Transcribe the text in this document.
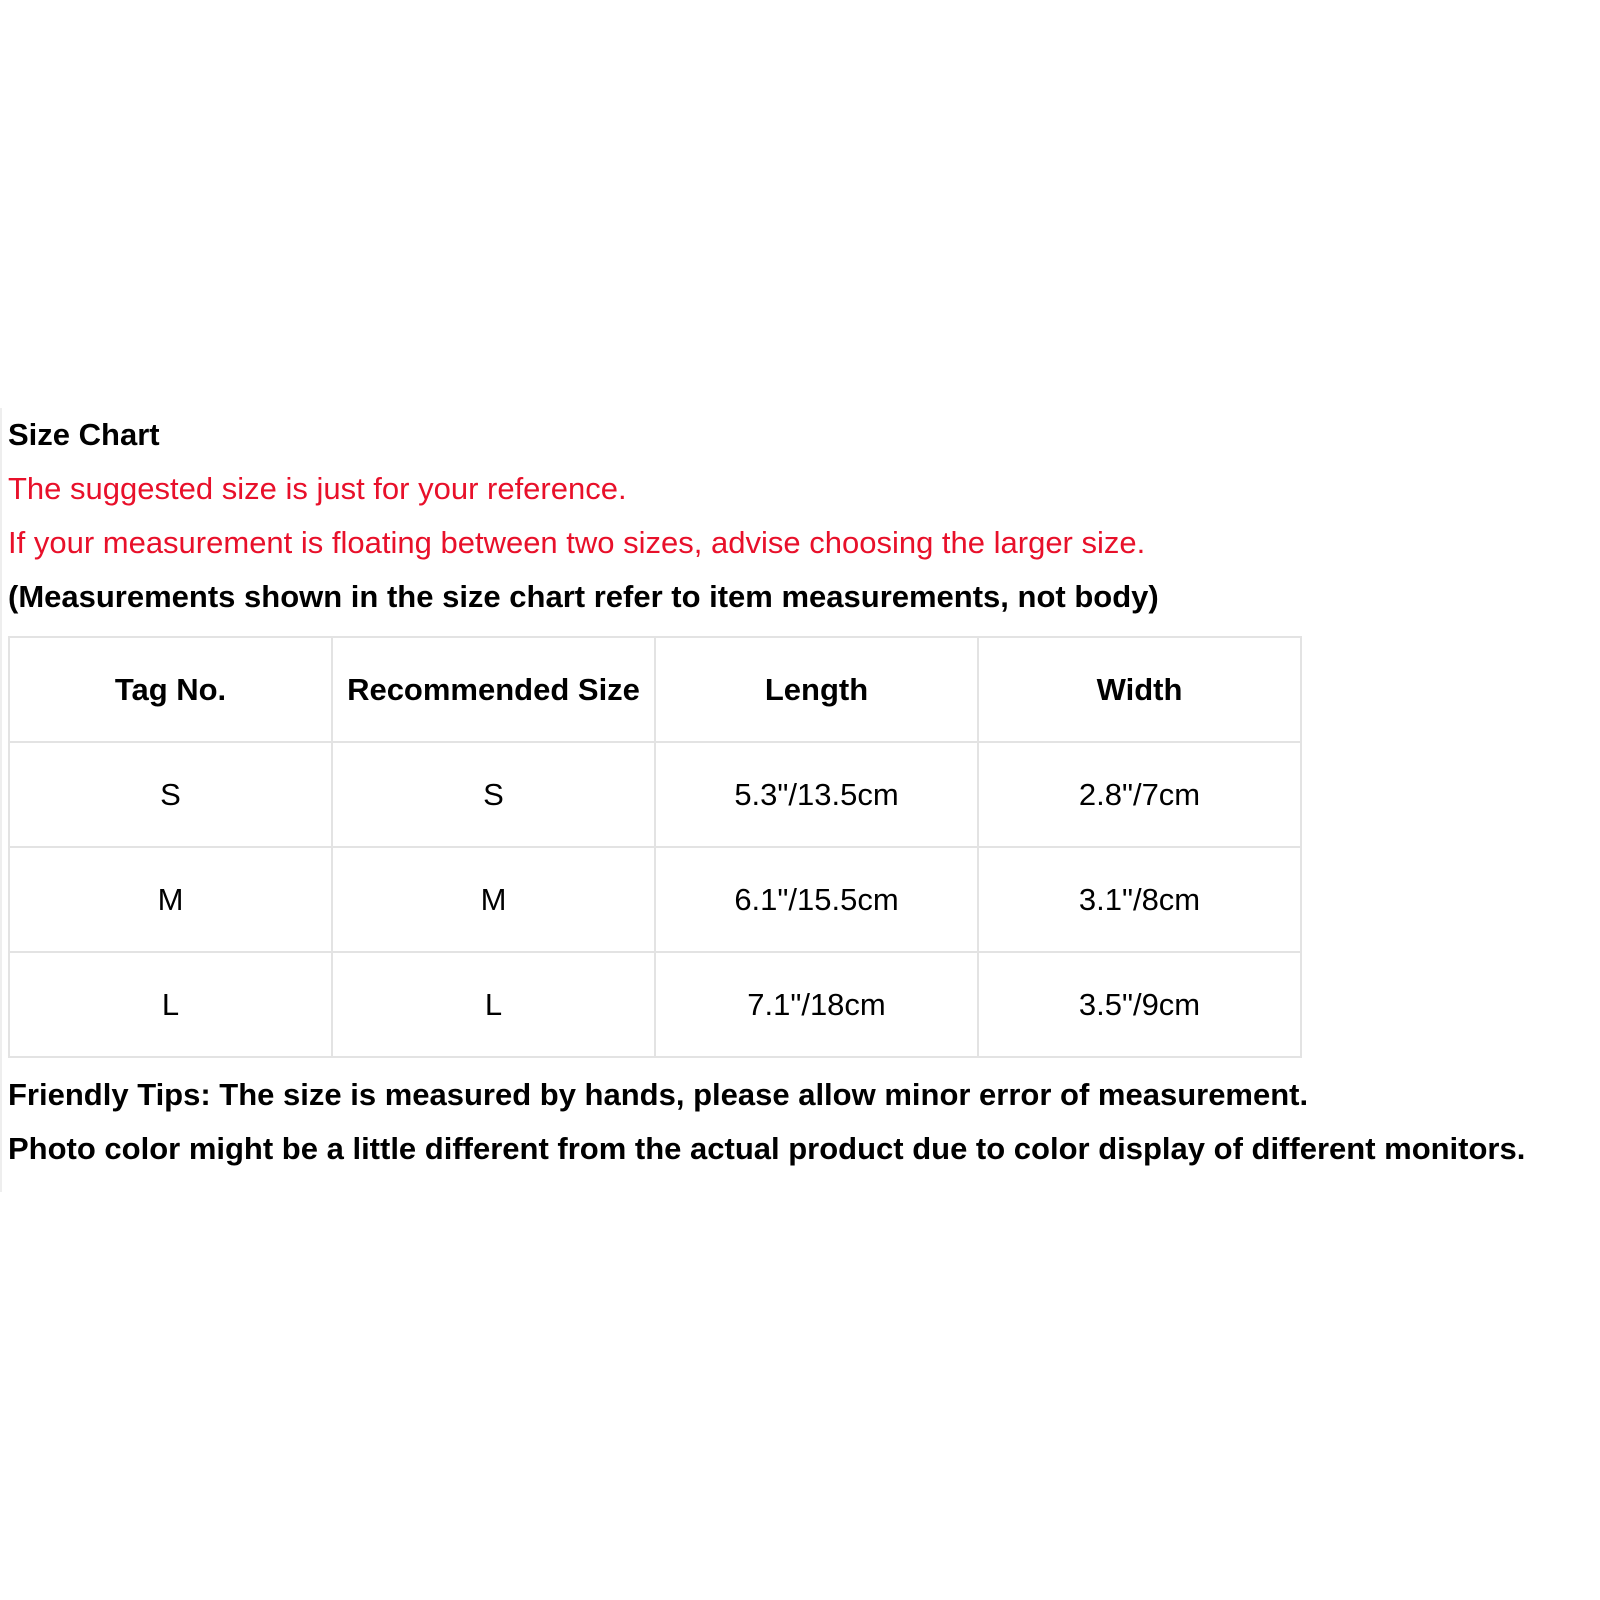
Size Chart
The suggested size is just for your reference.
If your measurement is floating between two sizes, advise choosing the larger size.
(Measurements shown in the size chart refer to item measurements, not body)
Tag No.	Recommended Size	Length	Width
S	S	5.3"/13.5cm	2.8"/7cm
M	M	6.1"/15.5cm	3.1"/8cm
L	L	7.1"/18cm	3.5"/9cm
Friendly Tips: The size is measured by hands, please allow minor error of measurement.
Photo color might be a little different from the actual product due to color display of different monitors.
